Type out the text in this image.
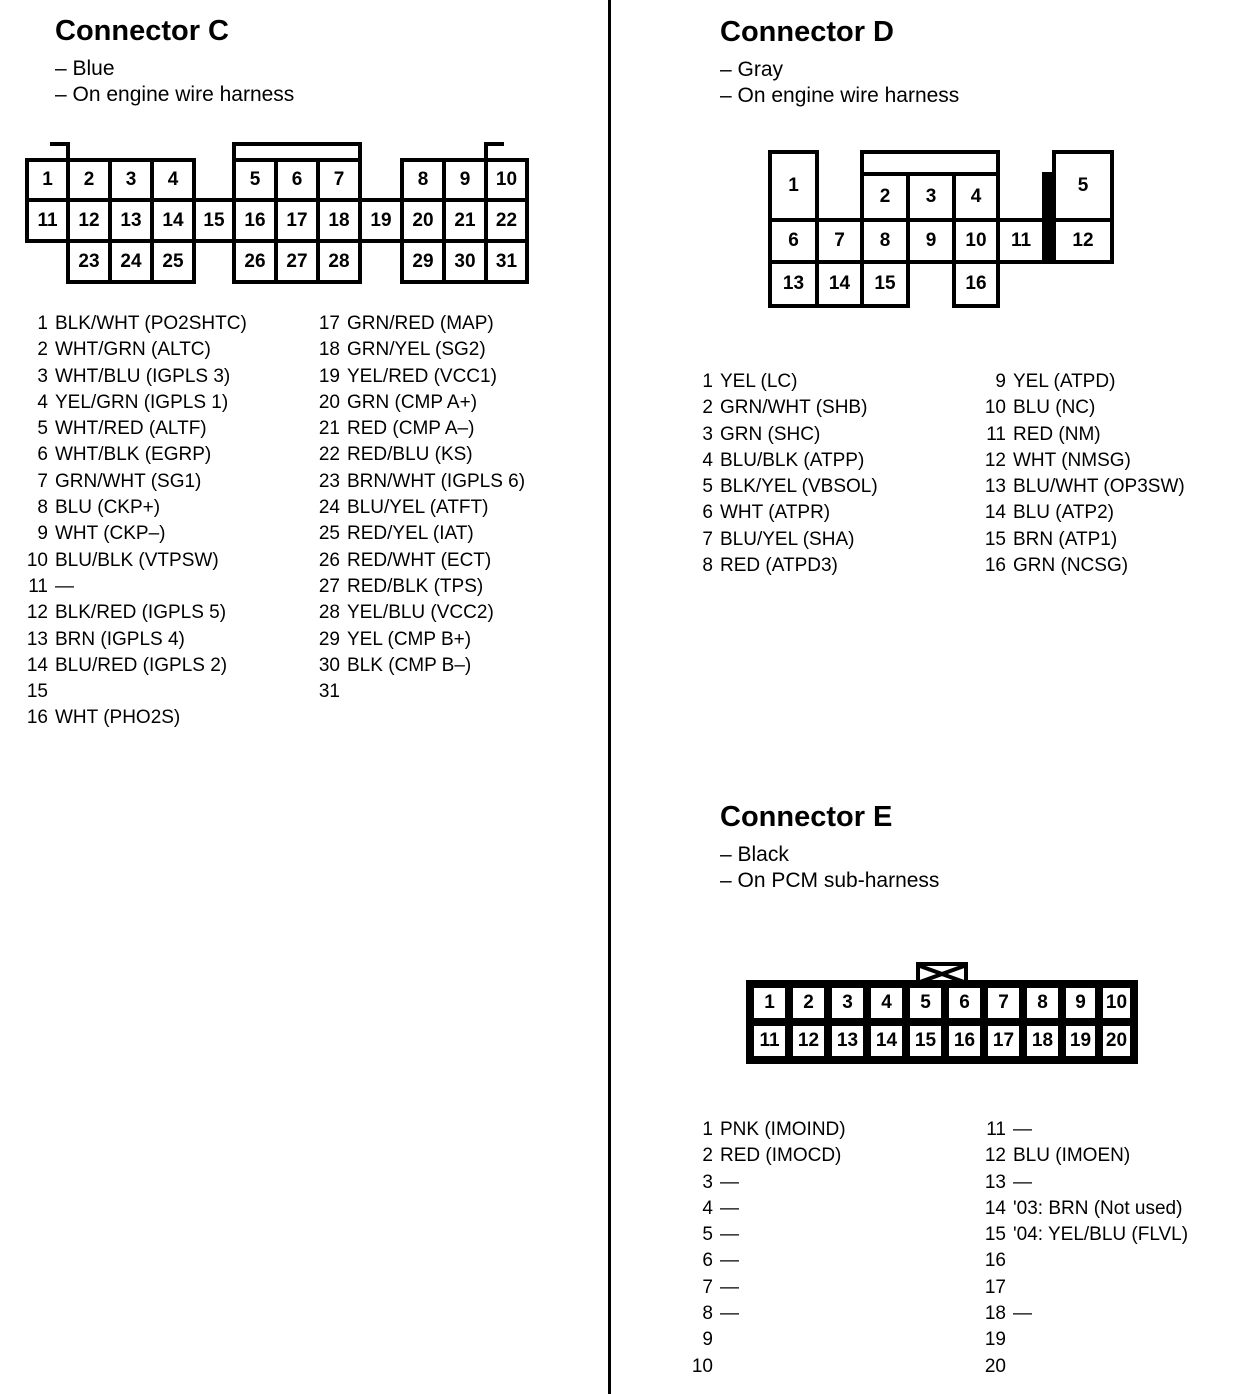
Connector C
– Blue
– On engine wire harness
1	2	3	4	5	6	7	8	9	10
11	12	13	14	15	16	17	18	19	20	21	22
23	24	25	26	27	28	29	30	31
1 BLK/WHT (PO2SHTC)
2 WHT/GRN (ALTC)
3 WHT/BLU (IGPLS 3)
4 YEL/GRN (IGPLS 1)
5 WHT/RED (ALTF)
6 WHT/BLK (EGRP)
7 GRN/WHT (SG1)
8 BLU (CKP+)
9 WHT (CKP–)
10 BLU/BLK (VTPSW)
11 —
12 BLK/RED (IGPLS 5)
13 BRN (IGPLS 4)
14 BLU/RED (IGPLS 2)
15
16 WHT (PHO2S)
17 GRN/RED (MAP)
18 GRN/YEL (SG2)
19 YEL/RED (VCC1)
20 GRN (CMP A+)
21 RED (CMP A–)
22 RED/BLU (KS)
23 BRN/WHT (IGPLS 6)
24 BLU/YEL (ATFT)
25 RED/YEL (IAT)
26 RED/WHT (ECT)
27 RED/BLK (TPS)
28 YEL/BLU (VCC2)
29 YEL (CMP B+)
30 BLK (CMP B–)
31
Connector D
– Gray
– On engine wire harness
1
2	3	4
5
6	7	8	9	10	11	12
13	14	15	16
1 YEL (LC)
2 GRN/WHT (SHB)
3 GRN (SHC)
4 BLU/BLK (ATPP)
5 BLK/YEL (VBSOL)
6 WHT (ATPR)
7 BLU/YEL (SHA)
8 RED (ATPD3)
9 YEL (ATPD)
10 BLU (NC)
11 RED (NM)
12 WHT (NMSG)
13 BLU/WHT (OP3SW)
14 BLU (ATP2)
15 BRN (ATP1)
16 GRN (NCSG)
Connector E
– Black
– On PCM sub-harness
1	2	3	4	5	6	7	8	9	10
11 12 13 14 15 16 17 18 19 20
1 PNK (IMOIND)
2 RED (IMOCD)
3 —
4 —
5 —
6 —
7 —
8 —
9
10
11 —
12 BLU (IMOEN)
13 —
14 '03: BRN (Not used)
15 '04: YEL/BLU (FLVL)
16
17
18 —
19
20
